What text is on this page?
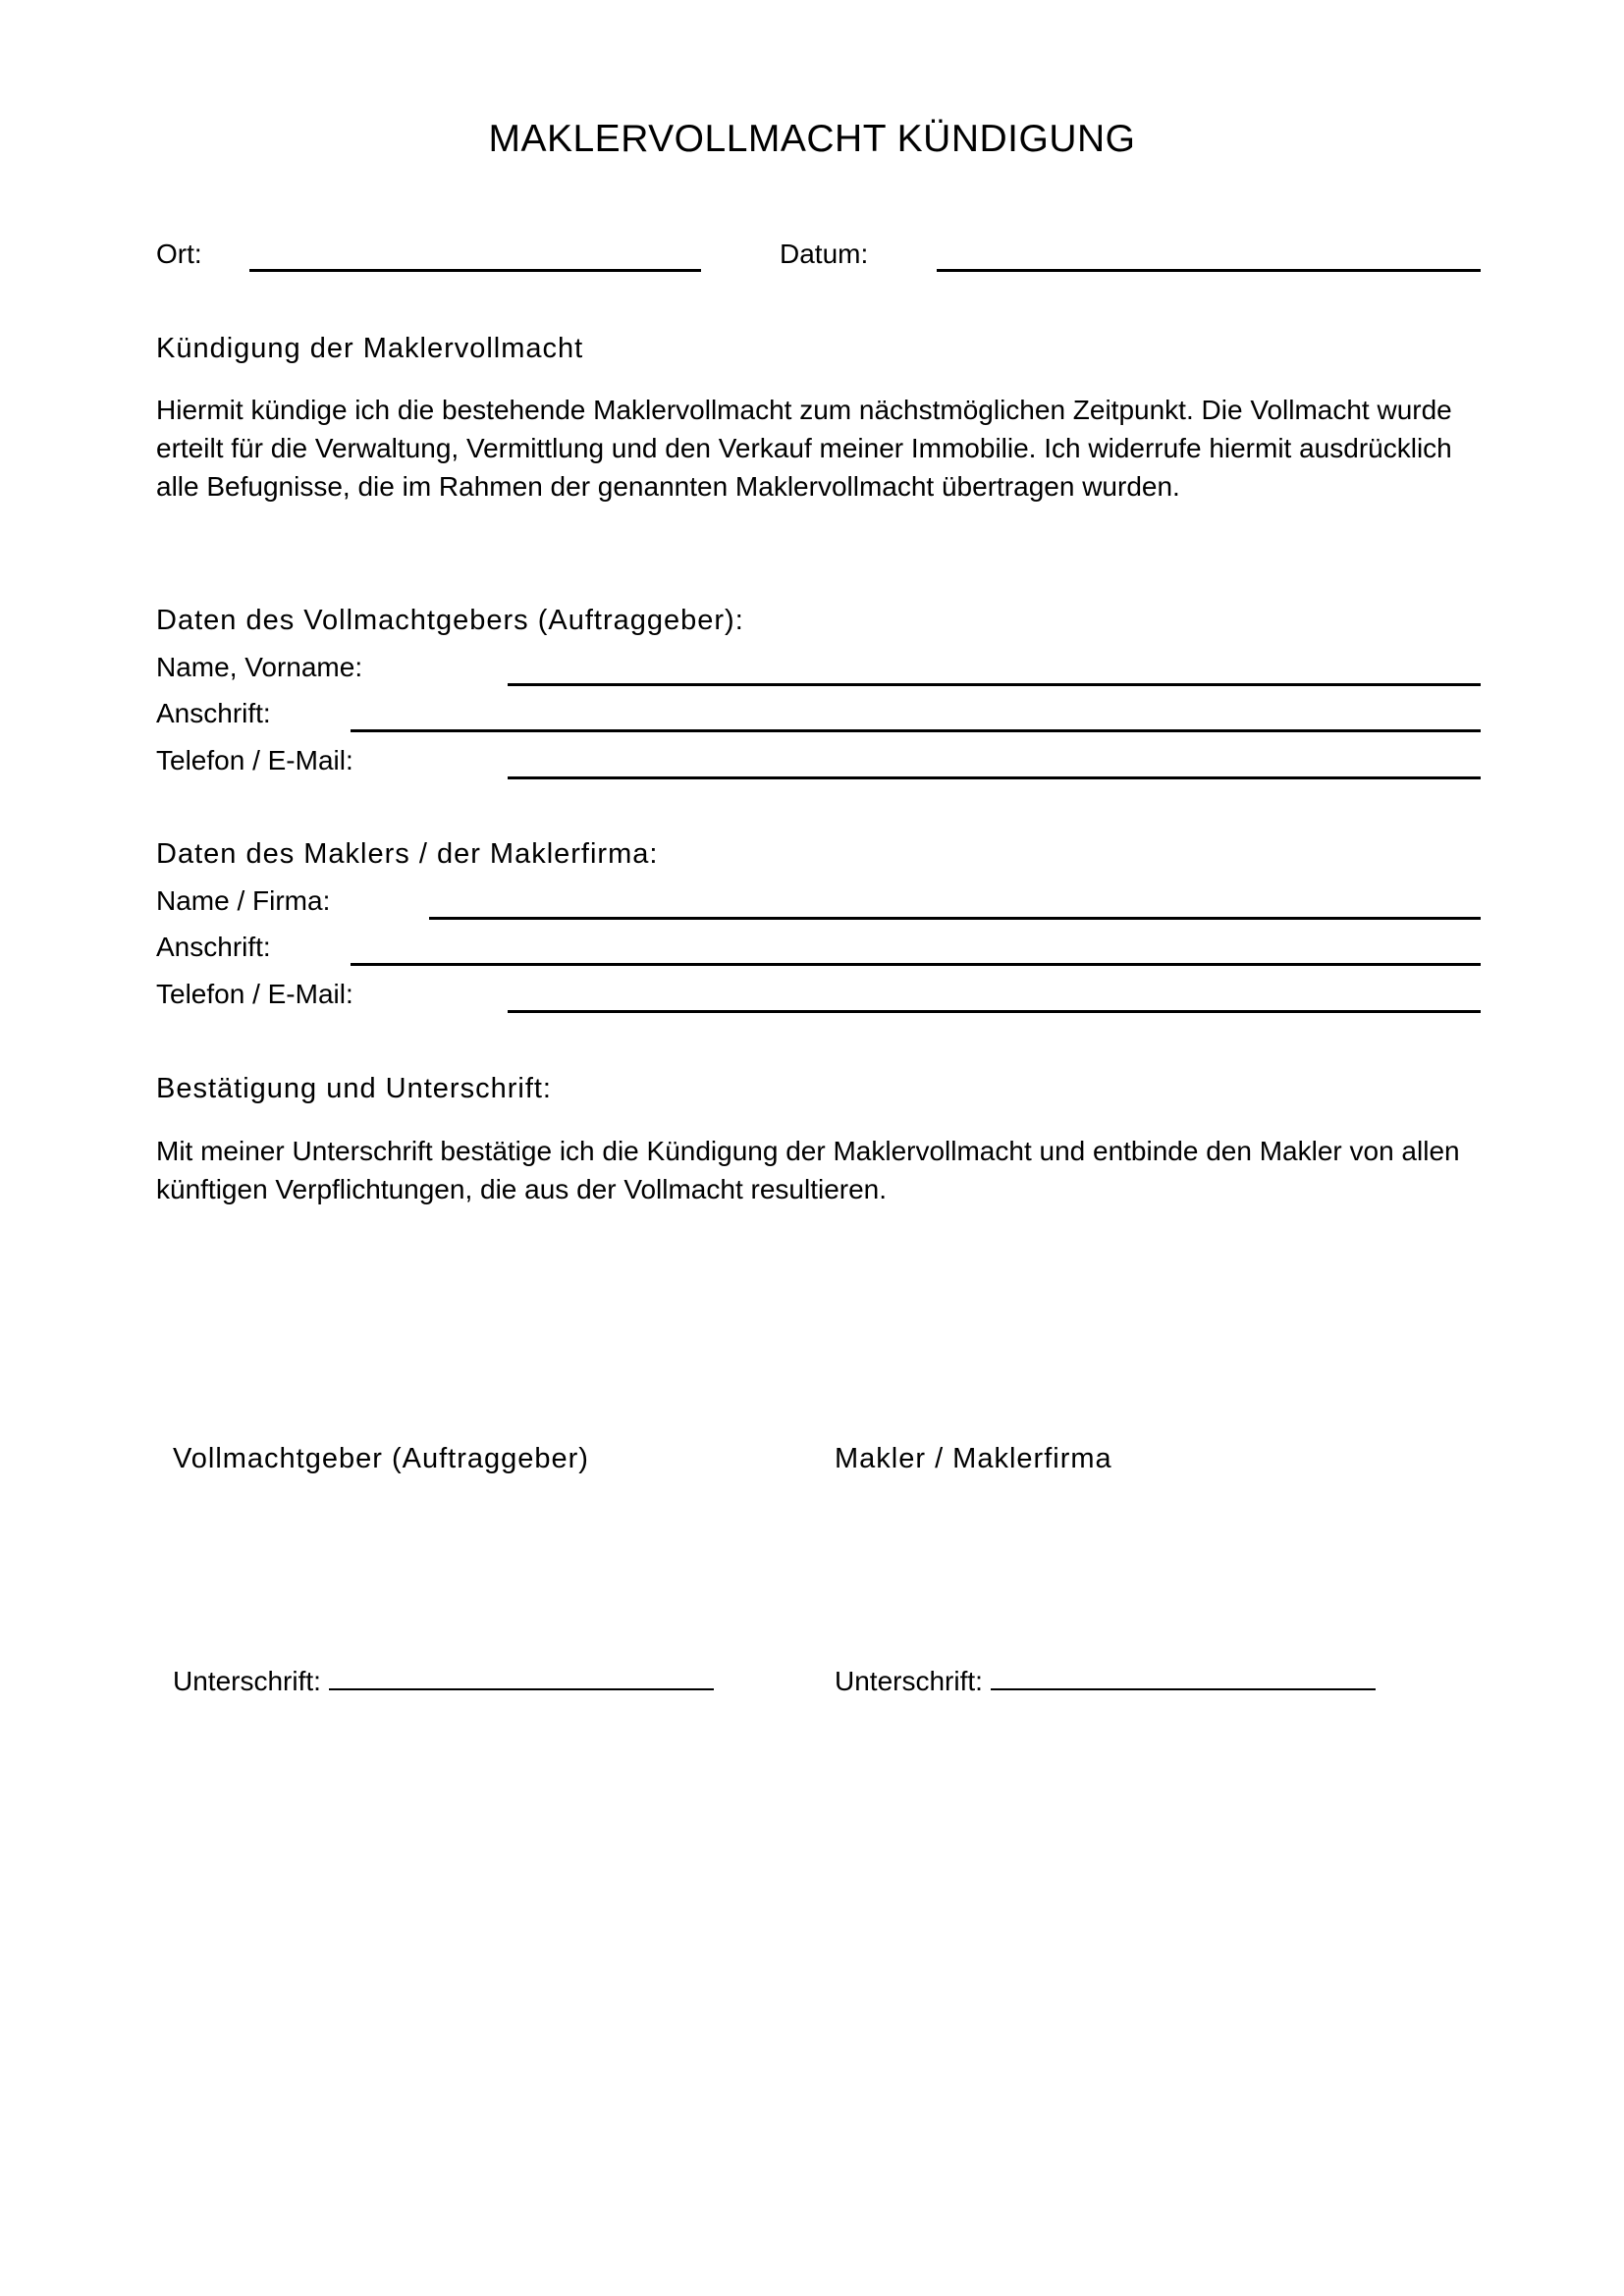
MAKLERVOLLMACHT KÜNDIGUNG
Ort:	Datum:
Kündigung der Maklervollmacht
Hiermit kündige ich die bestehende Maklervollmacht zum nächstmöglichen Zeitpunkt. Die Vollmacht wurde erteilt für die Verwaltung, Vermittlung und den Verkauf meiner Immobilie. Ich widerrufe hiermit ausdrücklich alle Befugnisse, die im Rahmen der genannten Maklervollmacht übertragen wurden.
Daten des Vollmachtgebers (Auftraggeber):
Name, Vorname:
Anschrift:
Telefon / E-Mail:
Daten des Maklers / der Maklerfirma:
Name / Firma:
Anschrift:
Telefon / E-Mail:
Bestätigung und Unterschrift:
Mit meiner Unterschrift bestätige ich die Kündigung der Maklervollmacht und entbinde den Makler von allen künftigen Verpflichtungen, die aus der Vollmacht resultieren.
Vollmachtgeber (Auftraggeber)	Makler / Maklerfirma
Unterschrift:	Unterschrift:
